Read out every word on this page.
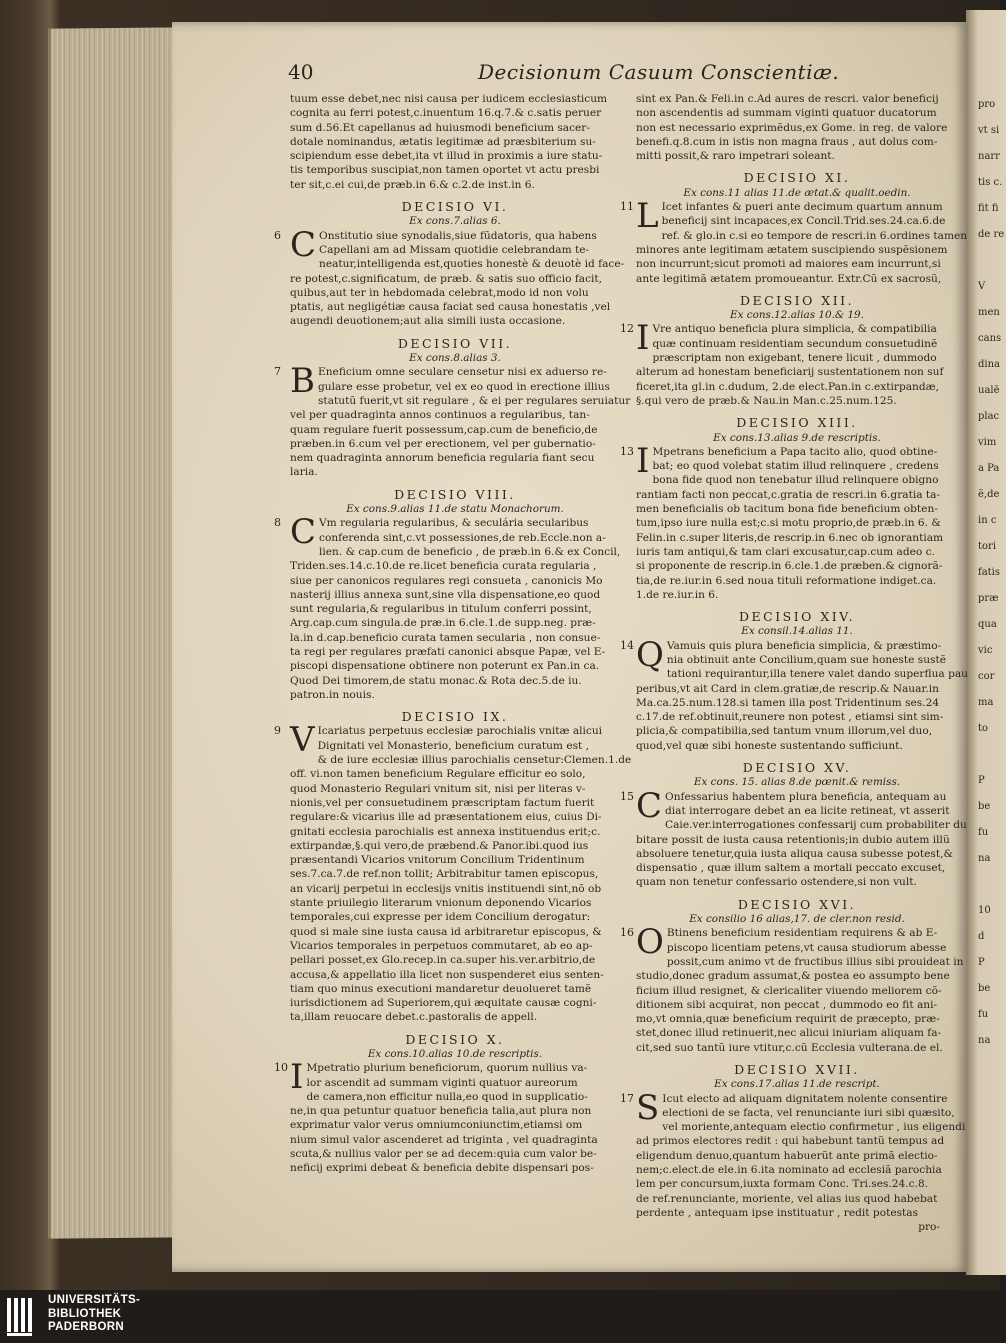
40	Decisionum Casuum Conscientiæ.
tuum esse debet,nec nisi causa per iudicem ecclesiasticum
cognita au ferri potest,c.inuentum 16.q.7.& c.satis peruer
sum d.56.Et capellanus ad huiusmodi beneficium sacer-
dotale nominandus, ætatis legitimæ ad præsbiterium su-
scipiendum esse debet,ita vt illud in proximis a iure statu-
tis temporibus suscipiat,non tamen oportet vt actu presbi
ter sit,c.ei cui,de præb.in 6.& c.2.de inst.in 6.
DECISIO VI.
Ex cons.7.alias 6.
6 C Onstitutio siue synodalis,siue fũdatoris, qua habens
Capellani am ad Missam quotidie celebrandam te-
neatur,intelligenda est,quoties honestè & deuotè id face-
re potest,c.significatum, de præb. & satis suo officio facit,
quibus,aut ter in hebdomada celebrat,modo id non volu
ptatis, aut negligétiæ causa faciat sed causa honestatis ,vel
augendi deuotionem;aut alia simili iusta occasione.
DECISIO VII.
Ex cons.8.alias 3.
7 B Eneficium omne seculare censetur nisi ex aduerso re-
gulare esse probetur, vel ex eo quod in erectione illius
statutũ fuerit,vt sit regulare , & ei per regulares seruiatur
vel per quadraginta annos continuos a regularibus, tan-
quam regulare fuerit possessum,cap.cum de beneficio,de
præben.in 6.cum vel per erectionem, vel per gubernatio-
nem quadraginta annorum beneficia regularia fiant secu
laria.
DECISIO VIII.
Ex cons.9.alias 11.de statu Monachorum.
8 C Vm regularia regularibus, & seculária secularibus
conferenda sint,c.vt possessiones,de reb.Eccle.non a-
lien. & cap.cum de beneficio , de præb.in 6.& ex Concil,
Triden.ses.14.c.10.de re.licet beneficia curata regularia ,
siue per canonicos regulares regi consueta , canonicis Mo
nasterij illius annexa sunt,sine vlla dispensatione,eo quod
sunt regularia,& regularibus in titulum conferri possint,
Arg.cap.cum singula.de præ.in 6.cle.1.de supp.neg. præ-
la.in d.cap.beneficio curata tamen secularia , non consue-
ta regi per regulares præfati canonici absque Papæ, vel E-
piscopi dispensatione obtinere non poterunt ex Pan.in ca.
Quod Dei timorem,de statu monac.& Rota dec.5.de iu.
patron.in nouis.
DECISIO IX.
9 V Icariatus perpetuus ecclesiæ parochialis vnitæ alicui
Dignitati vel Monasterio, beneficium curatum est ,
& de iure ecclesiæ illius parochialis censetur:Clemen.1.de
off. vi.non tamen beneficium Regulare efficitur eo solo,
quod Monasterio Regulari vnitum sit, nisi per literas v-
nionis,vel per consuetudinem præscriptam factum fuerit
regulare:& vicarius ille ad præsentationem eius, cuius Di-
gnitati ecclesia parochialis est annexa instituendus erit;c.
extirpandæ,§.qui vero,de præbend.& Panor.ibi.quod ius
præsentandi Vicarios vnitorum Concilium Tridentinum
ses.7.ca.7.de ref.non tollit; Arbitrabitur tamen episcopus,
an vicarij perpetui in ecclesijs vnitis instituendi sint,nõ ob
stante priuilegio literarum vnionum deponendo Vicarios
temporales,cui expresse per idem Concilium derogatur:
quod si male sine iusta causa id arbitraretur episcopus, &
Vicarios temporales in perpetuos commutaret, ab eo ap-
pellari posset,ex Glo.recep.in ca.super his.ver.arbitrio,de
accusa,& appellatio illa licet non suspenderet eius senten-
tiam quo minus executioni mandaretur deuolueret tamẽ
iurisdictionem ad Superiorem,qui æquitate causæ cogni-
ta,illam reuocare debet.c.pastoralis de appell.
DECISIO X.
Ex cons.10.alias 10.de rescriptis.
10 I Mpetratio plurium beneficiorum, quorum nullius va-
lor ascendit ad summam viginti quatuor aureorum
de camera,non efficitur nulla,eo quod in supplicatio-
ne,in qua petuntur quatuor beneficia talia,aut plura non
exprimatur valor verus omniumconiunctim,etiamsi om
nium simul valor ascenderet ad triginta , vel quadraginta
scuta,& nullius valor per se ad decem:quia cum valor be-
neficij exprimi debeat & beneficia debite dispensari pos-
sint ex Pan.& Feli.in c.Ad aures de rescri. valor beneficij
non ascendentis ad summam viginti quatuor ducatorum
non est necessario exprimẽdus,ex Gome. in reg. de valore
benefi.q.8.cum in istis non magna fraus , aut dolus com-
mitti possit,& raro impetrari soleant.
DECISIO XI.
Ex cons.11 alias 11.de ætat.& qualit.oedin.
11 L Icet infantes & pueri ante decimum quartum annum
beneficij sint incapaces,ex Concil.Trid.ses.24.ca.6.de
ref. & glo.in c.si eo tempore de rescri.in 6.ordines tamen
minores ante legitimam ætatem suscipiendo suspẽsionem
non incurrunt;sicut promoti ad maiores eam incurrunt,si
ante legitimã ætatem promoueantur. Extr.Cũ ex sacrosũ,
DECISIO XII.
Ex cons.12.alias 10.& 19.
12 I Vre antiquo beneficia plura simplicia, & compatibilia
quæ continuam residentiam secundum consuetudinẽ
præscriptam non exigebant, tenere licuit , dummodo
alterum ad honestam beneficiarij sustentationem non suf
ficeret,ita gl.in c.dudum, 2.de elect.Pan.in c.extirpandæ,
§.qui vero de præb.& Nau.in Man.c.25.num.125.
DECISIO XIII.
Ex cons.13.alias 9.de rescriptis.
13 I Mpetrans beneficium a Papa tacito alio, quod obtine-
bat; eo quod volebat statim illud relinquere , credens
bona fide quod non tenebatur illud relinquere obigno
rantiam facti non peccat,c.gratia de rescri.in 6.gratia ta-
men beneficialis ob tacitum bona fide beneficium obten-
tum,ipso iure nulla est;c.si motu proprio,de præb.in 6. &
Felin.in c.super literis,de rescrip.in 6.nec ob ignorantiam
iuris tam antiqui,& tam clari excusatur,cap.cum adeo c.
si proponente de rescrip.in 6.cle.1.de præben.& cignorã-
tia,de re.iur.in 6.sed noua tituli reformatione indiget.ca.
1.de re.iur.in 6.
DECISIO XIV.
Ex consil.14.alias 11.
14 Q Vamuis quis plura beneficia simplicia, & præstimo-
nia obtinuit ante Concilium,quam sue honeste sustẽ
tationi requirantur,illa tenere valet dando superflua pau
peribus,vt ait Card in clem.gratiæ,de rescrip.& Nauar.in
Ma.ca.25.num.128.si tamen illa post Tridentinum ses.24
c.17.de ref.obtinuit,reunere non potest , etiamsi sint sim-
plicia,& compatibilia,sed tantum vnum illorum,vel duo,
quod,vel quæ sibi honeste sustentando sufficiunt.
DECISIO XV.
Ex cons. 15. alias 8.de pœnit.& remiss.
15 C Onfessarius habentem plura beneficia, antequam au
diat interrogare debet an ea licite retineat, vt asserit
Caie.ver.interrogationes confessarij cum probabiliter du
bitare possit de iusta causa retentionis;in dubio autem illũ
absoluere tenetur,quia iusta aliqua causa subesse potest,&
dispensatio , quæ illum saltem a mortali peccato excuset,
quam non tenetur confessario ostendere,si non vult.
DECISIO XVI.
Ex consilio 16 alias,17. de cler.non resid.
16 O Btinens beneficium residentiam requirens & ab E-
piscopo licentiam petens,vt causa studiorum abesse
possit,cum animo vt de fructibus illius sibi prouideat in
studio,donec gradum assumat,& postea eo assumpto bene
ficium illud resignet, & clericaliter viuendo meliorem cõ-
ditionem sibi acquirat, non peccat , dummodo eo fit ani-
mo,vt omnia,quæ beneficium requirit de præcepto, præ-
stet,donec illud retinuerit,nec alicui iniuriam aliquam fa-
cit,sed suo tantũ iure vtitur,c.cũ Ecclesia vulterana.de el.
DECISIO XVII.
Ex cons.17.alias 11.de rescript.
17 S Icut electo ad aliquam dignitatem nolente consentire
electioni de se facta, vel renunciante iuri sibi quæsito,
vel moriente,antequam electio confirmetur , ius eligendi
ad primos electores redit : qui habebunt tantũ tempus ad
eligendum denuo,quantum habuerũt ante primã electio-
nem;c.elect.de ele.in 6.ita nominato ad ecclesiã parochia
lem per concursum,iuxta formam Conc. Tri.ses.24.c.8.
de ref.renunciante, moriente, vel alias ius quod habebat
perdente , antequam ipse instituatur , redit potestas
pro-
pro
vt si
narr
tis c.
fit fi
de re
V
men
cans
dina
ualē
plac
vim
a Pa
ẽ,de
in c
tori
fatis
præ
qua
vic
cor
ma
to
P
be
fu
na
10
d
P
be
fu
na
UNIVERSITÄTS-
BIBLIOTHEK
PADERBORN
